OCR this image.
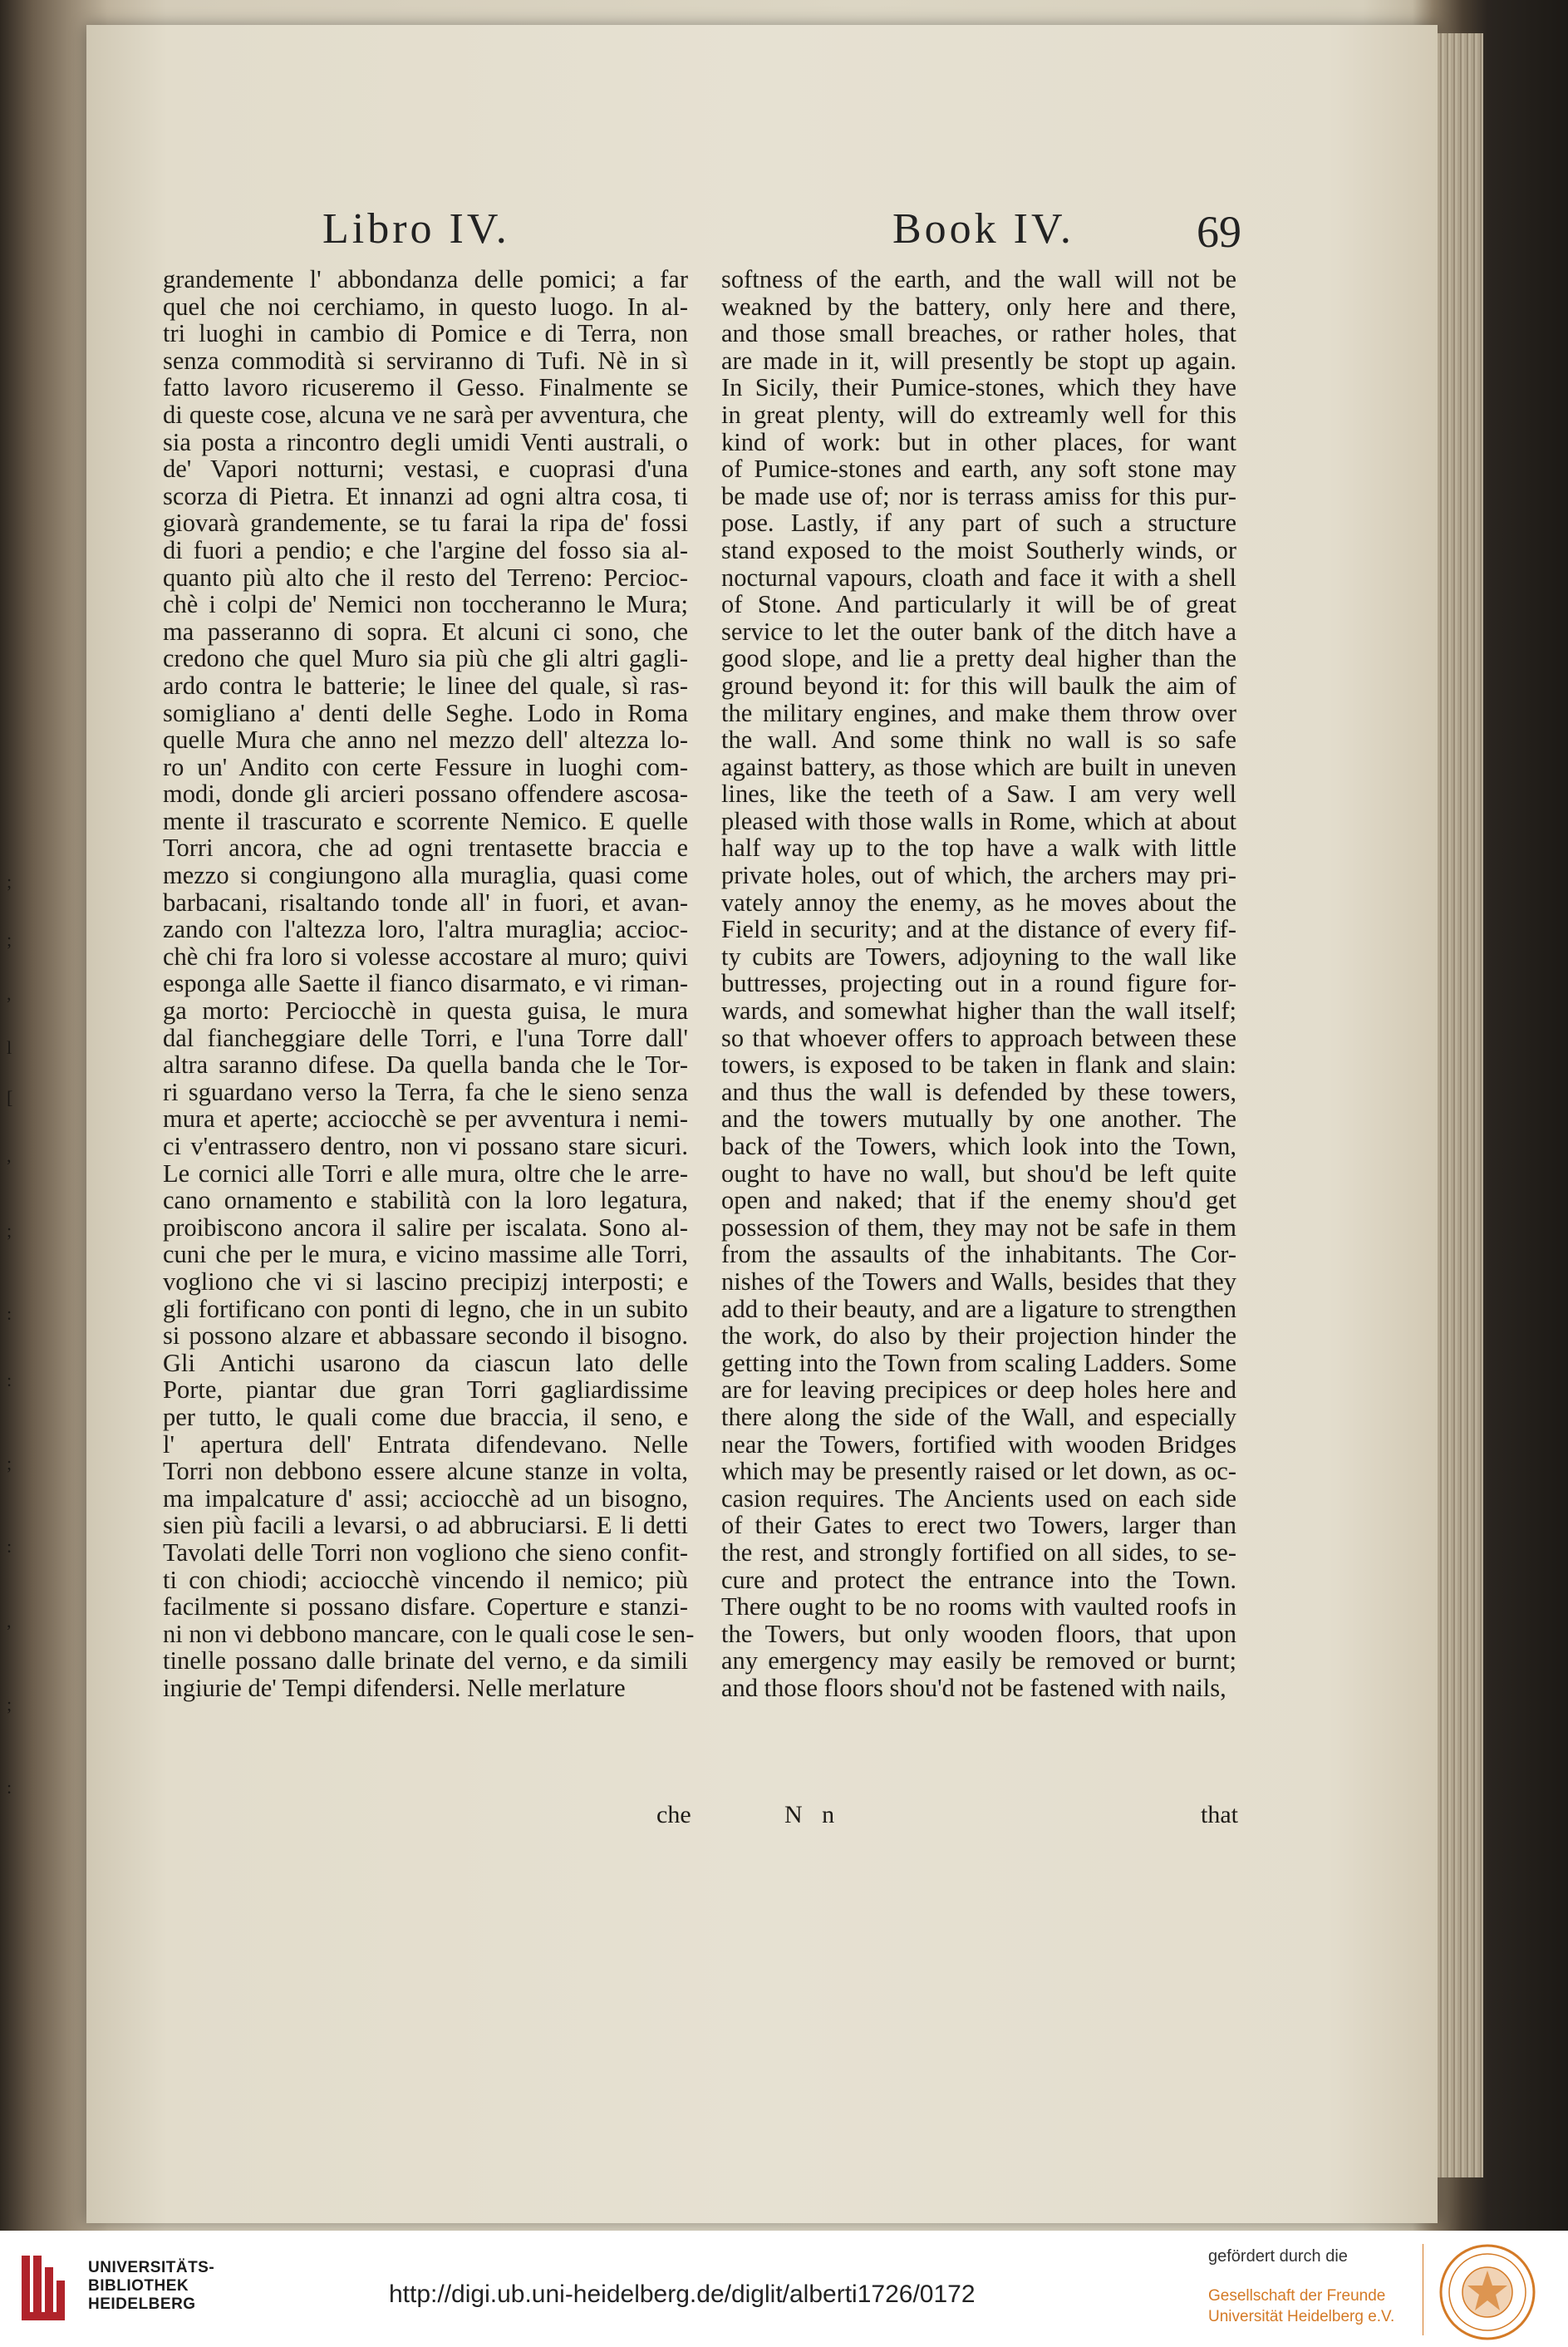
;
;
,
l
[
,
;
:
:
;
:
,
;
:
Libro IV.	Book IV.	69
grandemente l' abbondanza delle pomici; a far
quel che noi cerchiamo, in questo luogo. In al-
tri luoghi in cambio di Pomice e di Terra, non
senza commodità si serviranno di Tufi. Nè in sì
fatto lavoro ricuseremo il Gesso. Finalmente se
di queste cose, alcuna ve ne sarà per avventura, che
sia posta a rincontro degli umidi Venti australi, o
de' Vapori notturni; vestasi, e cuoprasi d'una
scorza di Pietra. Et innanzi ad ogni altra cosa, ti
giovarà grandemente, se tu farai la ripa de' fossi
di fuori a pendio; e che l'argine del fosso sia al-
quanto più alto che il resto del Terreno: Percioc-
chè i colpi de' Nemici non toccheranno le Mura;
ma passeranno di sopra. Et alcuni ci sono, che
credono che quel Muro sia più che gli altri gagli-
ardo contra le batterie; le linee del quale, sì ras-
somigliano a' denti delle Seghe. Lodo in Roma
quelle Mura che anno nel mezzo dell' altezza lo-
ro un' Andito con certe Fessure in luoghi com-
modi, donde gli arcieri possano offendere ascosa-
mente il trascurato e scorrente Nemico. E quelle
Torri ancora, che ad ogni trentasette braccia e
mezzo si congiungono alla muraglia, quasi come
barbacani, risaltando tonde all' in fuori, et avan-
zando con l'altezza loro, l'altra muraglia; accioc-
chè chi fra loro si volesse accostare al muro; quivi
esponga alle Saette il fianco disarmato, e vi riman-
ga morto: Perciocchè in questa guisa, le mura
dal fiancheggiare delle Torri, e l'una Torre dall'
altra saranno difese. Da quella banda che le Tor-
ri sguardano verso la Terra, fa che le sieno senza
mura et aperte; acciocchè se per avventura i nemi-
ci v'entrassero dentro, non vi possano stare sicuri.
Le cornici alle Torri e alle mura, oltre che le arre-
cano ornamento e stabilità con la loro legatura,
proibiscono ancora il salire per iscalata. Sono al-
cuni che per le mura, e vicino massime alle Torri,
vogliono che vi si lascino precipizj interposti; e
gli fortificano con ponti di legno, che in un subito
si possono alzare et abbassare secondo il bisogno.
Gli Antichi usarono da ciascun lato delle
Porte, piantar due gran Torri gagliardissime
per tutto, le quali come due braccia, il seno, e
l' apertura dell' Entrata difendevano. Nelle
Torri non debbono essere alcune stanze in volta,
ma impalcature d' assi; acciocchè ad un bisogno,
sien più facili a levarsi, o ad abbruciarsi. E li detti
Tavolati delle Torri non vogliono che sieno confit-
ti con chiodi; acciocchè vincendo il nemico; più
facilmente si possano disfare. Coperture e stanzi-
ni non vi debbono mancare, con le quali cose le sen-
tinelle possano dalle brinate del verno, e da simili
ingiurie de' Tempi difendersi. Nelle merlature
softness of the earth, and the wall will not be
weakned by the battery, only here and there,
and those small breaches, or rather holes, that
are made in it, will presently be stopt up again.
In Sicily, their Pumice-stones, which they have
in great plenty, will do extreamly well for this
kind of work: but in other places, for want
of Pumice-stones and earth, any soft stone may
be made use of; nor is terrass amiss for this pur-
pose. Lastly, if any part of such a structure
stand exposed to the moist Southerly winds, or
nocturnal vapours, cloath and face it with a shell
of Stone. And particularly it will be of great
service to let the outer bank of the ditch have a
good slope, and lie a pretty deal higher than the
ground beyond it: for this will baulk the aim of
the military engines, and make them throw over
the wall. And some think no wall is so safe
against battery, as those which are built in uneven
lines, like the teeth of a Saw. I am very well
pleased with those walls in Rome, which at about
half way up to the top have a walk with little
private holes, out of which, the archers may pri-
vately annoy the enemy, as he moves about the
Field in security; and at the distance of every fif-
ty cubits are Towers, adjoyning to the wall like
buttresses, projecting out in a round figure for-
wards, and somewhat higher than the wall itself;
so that whoever offers to approach between these
towers, is exposed to be taken in flank and slain:
and thus the wall is defended by these towers,
and the towers mutually by one another. The
back of the Towers, which look into the Town,
ought to have no wall, but shou'd be left quite
open and naked; that if the enemy shou'd get
possession of them, they may not be safe in them
from the assaults of the inhabitants. The Cor-
nishes of the Towers and Walls, besides that they
add to their beauty, and are a ligature to strengthen
the work, do also by their projection hinder the
getting into the Town from scaling Ladders. Some
are for leaving precipices or deep holes here and
there along the side of the Wall, and especially
near the Towers, fortified with wooden Bridges
which may be presently raised or let down, as oc-
casion requires. The Ancients used on each side
of their Gates to erect two Towers, larger than
the rest, and strongly fortified on all sides, to se-
cure and protect the entrance into the Town.
There ought to be no rooms with vaulted roofs in
the Towers, but only wooden floors, that upon
any emergency may easily be removed or burnt;
and those floors shou'd not be fastened with nails,
che	N n	that
UNIVERSITÄTS-
BIBLIOTHEK
HEIDELBERG	http://digi.ub.uni-heidelberg.de/diglit/alberti1726/0172
gefördert durch die
Gesellschaft der Freunde
Universität Heidelberg e.V.
